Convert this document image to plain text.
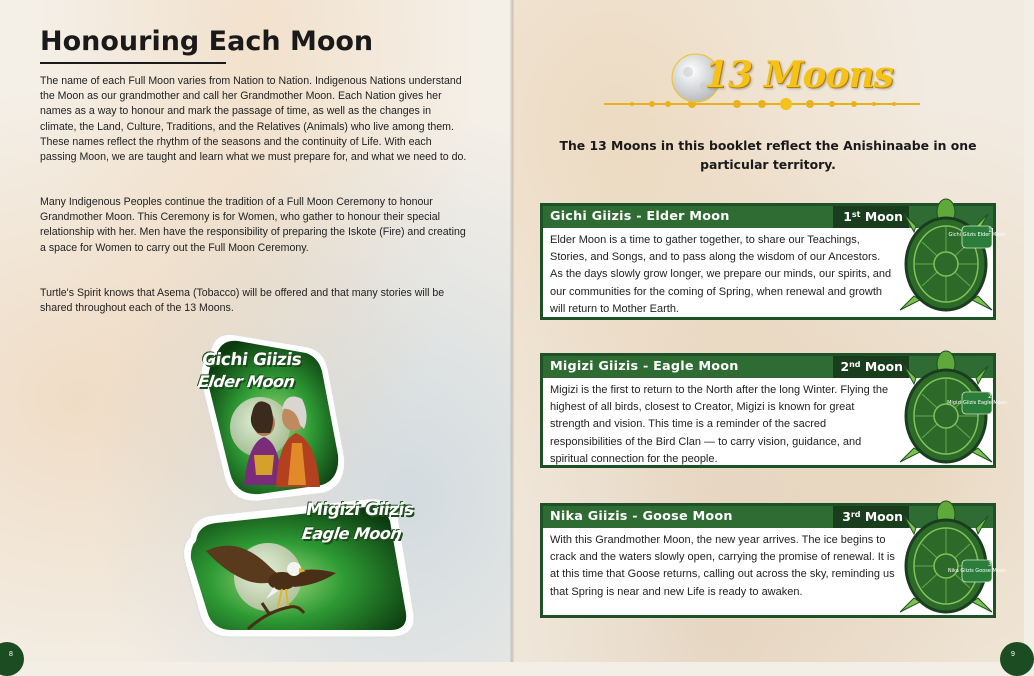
Honouring Each Moon

The name of each Full Moon varies from Nation to Nation. Indigenous Nations understand the Moon as our grandmother and call her Grandmother Moon. Each Nation gives her names as a way to honour and mark the passage of time, as well as the changes in climate, the Land, Culture, Traditions, and the Relatives (Animals) who live among them. These names reflect the rhythm of the seasons and the continuity of Life. With each passing Moon, we are taught and learn what we must prepare for, and what we need to do.

Many Indigenous Peoples continue the tradition of a Full Moon Ceremony to honour Grandmother Moon. This Ceremony is for Women, who gather to honour their special relationship with her. Men have the responsibility of preparing the Iskote (Fire) and creating a space for Women to carry out the Full Moon Ceremony.

Turtle's Spirit knows that Asema (Tobacco) will be offered and that many stories will be shared throughout each of the 13 Moons.

Gichi Giizis
Elder Moon
Migizi Giizis
Eagle Moon
8
13 Moons

The 13 Moons in this booklet reflect the Anishinaabe in one particular territory.

Gichi Giizis - Elder Moon	1st Moon

Elder Moon is a time to gather together, to share our Teachings, Stories, and Songs, and to pass along the wisdom of our Ancestors. As the days slowly grow longer, we prepare our minds, our spirits, and our communities for the coming of Spring, when renewal and growth will return to Mother Earth.

Migizi Giizis - Eagle Moon	2nd Moon

Migizi is the first to return to the North after the long Winter. Flying the highest of all birds, closest to Creator, Migizi is known for great strength and vision. This time is a reminder of the sacred responsibilities of the Bird Clan — to carry vision, guidance, and spiritual connection for the people.

Nika Giizis - Goose Moon	3rd Moon

With this Grandmother Moon, the new year arrives. The ice begins to crack and the waters slowly open, carrying the promise of renewal. It is at this time that Goose returns, calling out across the sky, reminding us that Spring is near and new Life is ready to awaken.

Gichi Giizis Elder Moon
1
Migizi Giizis Eagle Moon
2
Nika Giizis Goose Moon
3
9
